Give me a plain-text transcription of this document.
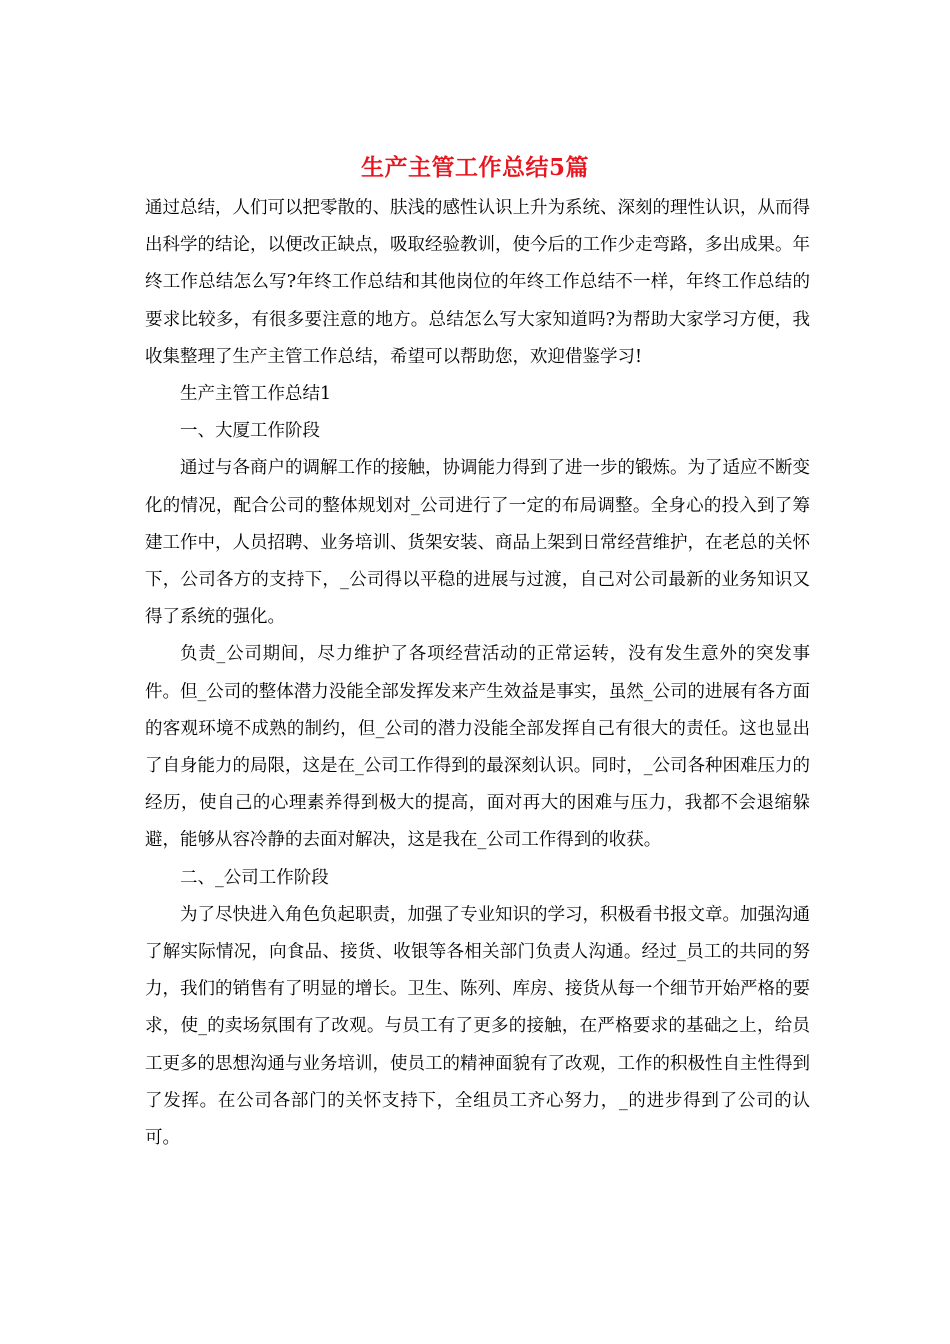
生产主管工作总结5篇

通过总结，人们可以把零散的、肤浅的感性认识上升为系统、深刻的理性认识，从而得出科学的结论，以便改正缺点，吸取经验教训，使今后的工作少走弯路，多出成果。年终工作总结怎么写?年终工作总结和其他岗位的年终工作总结不一样，年终工作总结的要求比较多，有很多要注意的地方。总结怎么写大家知道吗?为帮助大家学习方便，我收集整理了生产主管工作总结，希望可以帮助您，欢迎借鉴学习!

生产主管工作总结1

一、大厦工作阶段

通过与各商户的调解工作的接触，协调能力得到了进一步的锻炼。为了适应不断变化的情况，配合公司的整体规划对_公司进行了一定的布局调整。全身心的投入到了筹建工作中，人员招聘、业务培训、货架安装、商品上架到日常经营维护，在老总的关怀下，公司各方的支持下，_公司得以平稳的进展与过渡，自己对公司最新的业务知识又得了系统的强化。

负责_公司期间，尽力维护了各项经营活动的正常运转，没有发生意外的突发事件。但_公司的整体潜力没能全部发挥发来产生效益是事实，虽然_公司的进展有各方面的客观环境不成熟的制约，但_公司的潜力没能全部发挥自己有很大的责任。这也显出了自身能力的局限，这是在_公司工作得到的最深刻认识。同时，_公司各种困难压力的经历，使自己的心理素养得到极大的提高，面对再大的困难与压力，我都不会退缩躲避，能够从容冷静的去面对解决，这是我在_公司工作得到的收获。

二、_公司工作阶段

为了尽快进入角色负起职责，加强了专业知识的学习，积极看书报文章。加强沟通了解实际情况，向食品、接货、收银等各相关部门负责人沟通。经过_员工的共同的努力，我们的销售有了明显的增长。卫生、陈列、库房、接货从每一个细节开始严格的要求，使_的卖场氛围有了改观。与员工有了更多的接触，在严格要求的基础之上，给员工更多的思想沟通与业务培训，使员工的精神面貌有了改观，工作的积极性自主性得到了发挥。在公司各部门的关怀支持下，全组员工齐心努力，_的进步得到了公司的认可。
